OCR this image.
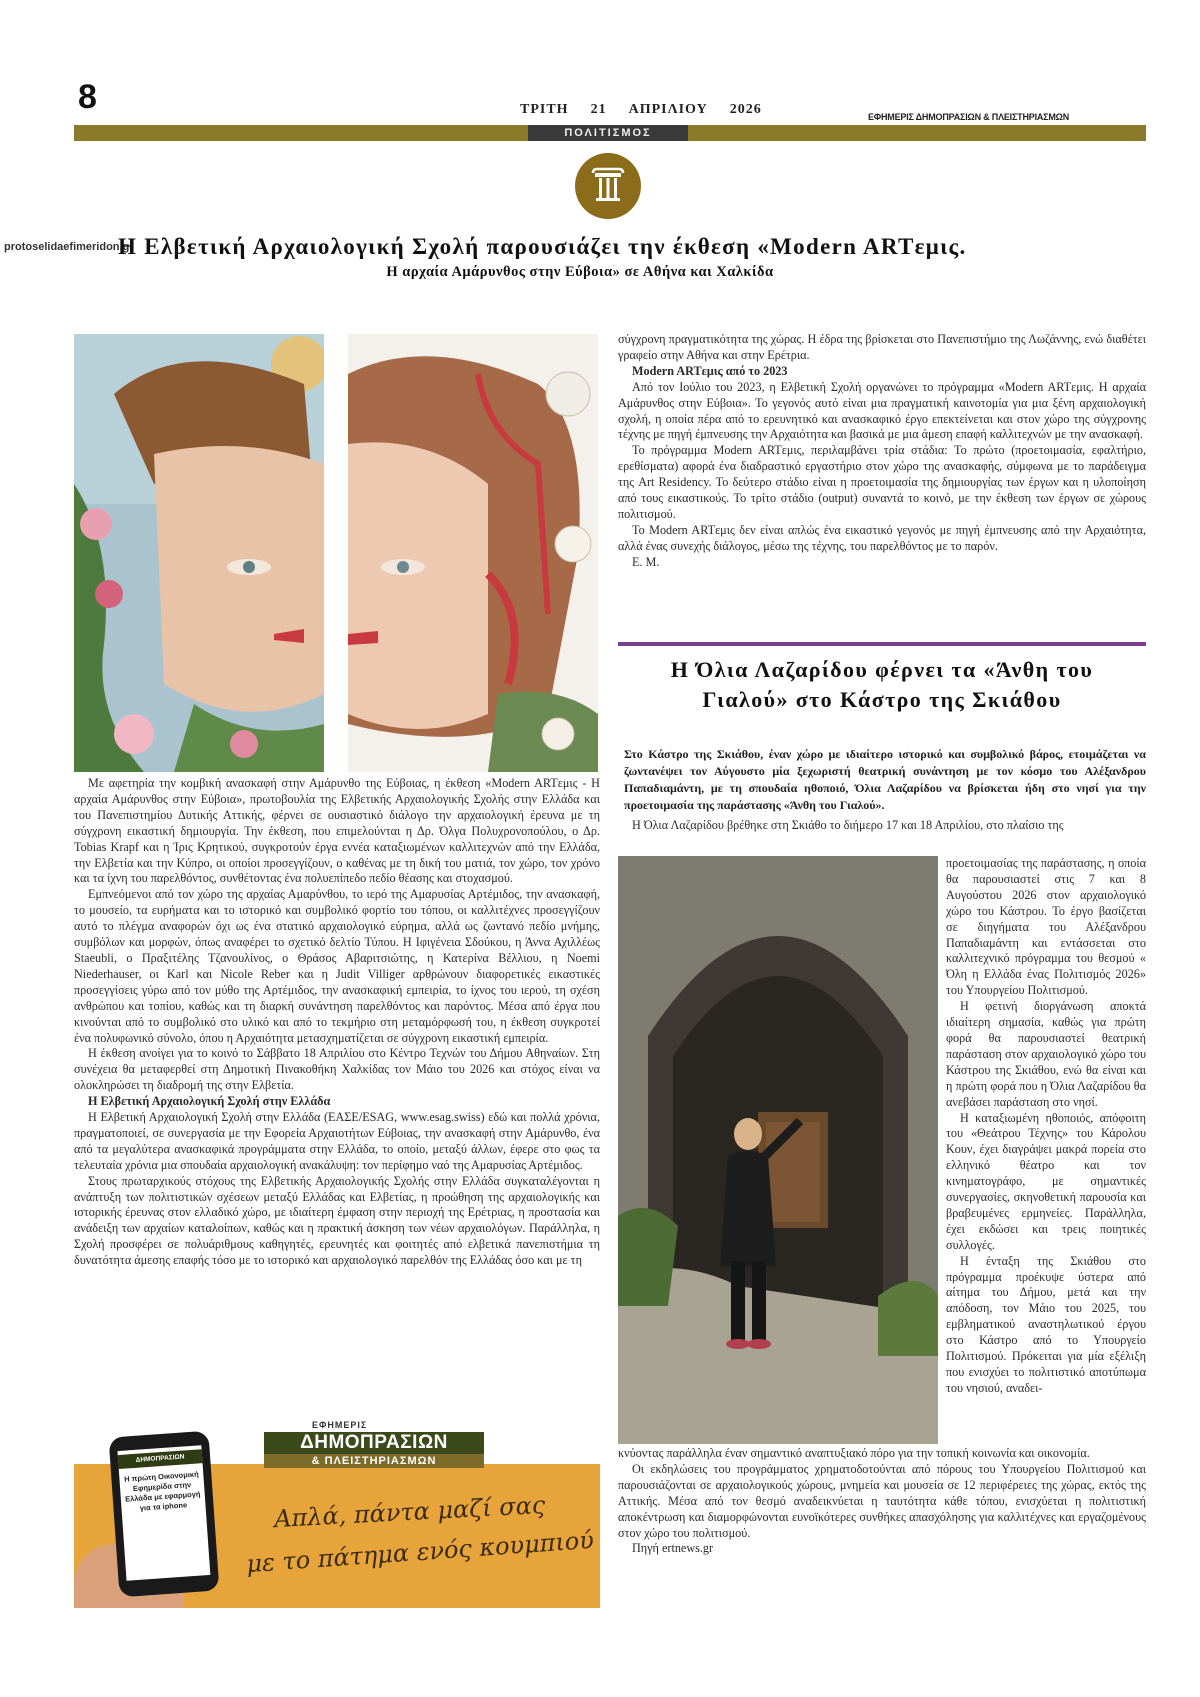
8	ΤΡΙΤΗ 21 ΑΠΡΙΛΙΟΥ 2026	ΕΦΗΜΕΡΙΣ ΔΗΜΟΠΡΑΣΙΩΝ & ΠΛΕΙΣΤΗΡΙΑΣΜΩΝ
ΠΟΛΙΤΙΣΜΟΣ
protoselidaefimeridon.gr
Η Ελβετική Αρχαιολογική Σχολή παρουσιάζει την έκθεση «Modern ARTεμις.
Η αρχαία Αμάρυνθος στην Εύβοια» σε Αθήνα και Χαλκίδα

Με αφετηρία την κομβική ανασκαφή στην Αμάρυνθο της Εύβοιας, η έκθεση «Modern ARTεμις - Η αρχαία Αμάρυνθος στην Εύβοια», πρωτοβουλία της Ελβετικής Αρχαιολογικής Σχολής στην Ελλάδα και του Πανεπιστημίου Δυτικής Αττικής, φέρνει σε ουσιαστικό διάλογο την αρχαιολογική έρευνα με τη σύγχρονη εικαστική δημιουργία. Την έκθεση, που επιμελούνται η Δρ. Όλγα Πολυχρονοπούλου, ο Δρ. Tobias Krapf και η Ίρις Κρητικού, συγκροτούν έργα εννέα καταξιωμένων καλλιτεχνών από την Ελλάδα, την Ελβετία και την Κύπρο, οι οποίοι προσεγγίζουν, ο καθένας με τη δική του ματιά, τον χώρο, τον χρόνο και τα ίχνη του παρελθόντος, συνθέτοντας ένα πολυεπίπεδο πεδίο θέασης και στοχασμού.

Εμπνεόμενοι από τον χώρο της αρχαίας Αμαρύνθου, το ιερό της Αμαρυσίας Αρτέμιδος, την ανασκαφή, το μουσείο, τα ευρήματα και το ιστορικό και συμβολικό φορτίο του τόπου, οι καλλιτέχνες προσεγγίζουν αυτό το πλέγμα αναφορών όχι ως ένα στατικό αρχαιολογικό εύρημα, αλλά ως ζωντανό πεδίο μνήμης, συμβόλων και μορφών, όπως αναφέρει το σχετικό δελτίο Τύπου. Η Ιφιγένεια Σδούκου, η Άννα Αχιλλέως Staeubli, ο Πραξιτέλης Τζανουλίνος, ο Θράσος Αβαριτσιώτης, η Κατερίνα Βέλλιου, η Noemi Niederhauser, οι Karl και Nicole Reber και η Judit Villiger αρθρώνουν διαφορετικές εικαστικές προσεγγίσεις γύρω από τον μύθο της Αρτέμιδος, την ανασκαφική εμπειρία, το ίχνος του ιερού, τη σχέση ανθρώπου και τοπίου, καθώς και τη διαρκή συνάντηση παρελθόντος και παρόντος. Μέσα από έργα που κινούνται από το συμβολικό στο υλικό και από το τεκμήριο στη μεταμόρφωσή του, η έκθεση συγκροτεί ένα πολυφωνικό σύνολο, όπου η Αρχαιότητα μετασχηματίζεται σε σύγχρονη εικαστική εμπειρία.

Η έκθεση ανοίγει για το κοινό το Σάββατο 18 Απριλίου στο Κέντρο Τεχνών του Δήμου Αθηναίων. Στη συνέχεια θα μεταφερθεί στη Δημοτική Πινακοθήκη Χαλκίδας τον Μάιο του 2026 και στόχος είναι να ολοκληρώσει τη διαδρομή της στην Ελβετία.

Η Ελβετική Αρχαιολογική Σχολή στην Ελλάδα

Η Ελβετική Αρχαιολογική Σχολή στην Ελλάδα (ΕΑΣΕ/ESAG, www.esag.swiss) εδώ και πολλά χρόνια, πραγματοποιεί, σε συνεργασία με την Εφορεία Αρχαιοτήτων Εύβοιας, την ανασκαφή στην Αμάρυνθο, ένα από τα μεγαλύτερα ανασκαφικά προγράμματα στην Ελλάδα, το οποίο, μεταξύ άλλων, έφερε στο φως τα τελευταία χρόνια μια σπουδαία αρχαιολογική ανακάλυψη: τον περίφημο ναό της Αμαρυσίας Αρτέμιδος.

Στους πρωταρχικούς στόχους της Ελβετικής Αρχαιολογικής Σχολής στην Ελλάδα συγκαταλέγονται η ανάπτυξη των πολιτιστικών σχέσεων μεταξύ Ελλάδας και Ελβετίας, η προώθηση της αρχαιολογικής και ιστορικής έρευνας στον ελλαδικό χώρο, με ιδιαίτερη έμφαση στην περιοχή της Ερέτριας, η προστασία και ανάδειξη των αρχαίων καταλοίπων, καθώς και η πρακτική άσκηση των νέων αρχαιολόγων. Παράλληλα, η Σχολή προσφέρει σε πολυάριθμους καθηγητές, ερευνητές και φοιτητές από ελβετικά πανεπιστήμια τη δυνατότητα άμεσης επαφής τόσο με το ιστορικό και αρχαιολογικό παρελθόν της Ελλάδας όσο και με τη

σύγχρονη πραγματικότητα της χώρας. Η έδρα της βρίσκεται στο Πανεπιστήμιο της Λωζάννης, ενώ διαθέτει γραφείο στην Αθήνα και στην Ερέτρια.

Modern ARTεμις από το 2023

Από τον Ιούλιο του 2023, η Ελβετική Σχολή οργανώνει το πρόγραμμα «Modern ARTεμις. Η αρχαία Αμάρυνθος στην Εύβοια». Το γεγονός αυτό είναι μια πραγματική καινοτομία για μια ξένη αρχαιολογική σχολή, η οποία πέρα από το ερευνητικό και ανασκαφικό έργο επεκτείνεται και στον χώρο της σύγχρονης τέχνης με πηγή έμπνευσης την Αρχαιότητα και βασικά με μια άμεση επαφή καλλιτεχνών με την ανασκαφή.

Το πρόγραμμα Modern ARTεμις, περιλαμβάνει τρία στάδια: Το πρώτο (προετοιμασία, εφαλτήριο, ερεθίσματα) αφορά ένα διαδραστικό εργαστήριο στον χώρο της ανασκαφής, σύμφωνα με το παράδειγμα της Art Residency. Το δεύτερο στάδιο είναι η προετοιμασία της δημιουργίας των έργων και η υλοποίηση από τους εικαστικούς. Το τρίτο στάδιο (output) συναντά το κοινό, με την έκθεση των έργων σε χώρους πολιτισμού.

Το Modern ARTεμις δεν είναι απλώς ένα εικαστικό γεγονός με πηγή έμπνευσης από την Αρχαιότητα, αλλά ένας συνεχής διάλογος, μέσω της τέχνης, του παρελθόντος με το παρόν.

Ε. Μ.

Η Όλια Λαζαρίδου φέρνει τα «Άνθη του
Γιαλού» στο Κάστρο της Σκιάθου
Στο Κάστρο της Σκιάθου, έναν χώρο με ιδιαίτερο ιστορικό και συμβολικό βάρος, ετοιμάζεται να ζωντανέψει τον Αύγουστο μία ξεχωριστή θεατρική συνάντηση με τον κόσμο του Αλέξανδρου Παπαδιαμάντη, με τη σπουδαία ηθοποιό, Όλια Λαζαρίδου να βρίσκεται ήδη στο νησί για την προετοιμασία της παράστασης «Άνθη του Γιαλού».

Η Όλια Λαζαρίδου βρέθηκε στη Σκιάθο το διήμερο 17 και 18 Απριλίου, στο πλαίσιο της

προετοιμασίας της παράστασης, η οποία θα παρουσιαστεί στις 7 και 8 Αυγούστου 2026 στον αρχαιολογικό χώρο του Κάστρου. Το έργο βασίζεται σε διηγήματα του Αλέξανδρου Παπαδιαμάντη και εντάσσεται στο καλλιτεχνικό πρόγραμμα του θεσμού « Όλη η Ελλάδα ένας Πολιτισμός 2026» του Υπουργείου Πολιτισμού.

Η φετινή διοργάνωση αποκτά ιδιαίτερη σημασία, καθώς για πρώτη φορά θα παρουσιαστεί θεατρική παράσταση στον αρχαιολογικό χώρο του Κάστρου της Σκιάθου, ενώ θα είναι και η πρώτη φορά που η Όλια Λαζαρίδου θα ανεβάσει παράσταση στο νησί.

Η καταξιωμένη ηθοποιός, απόφοιτη του «Θεάτρου Τέχνης» του Κάρολου Κουν, έχει διαγράψει μακρά πορεία στο ελληνικό θέατρο και τον κινηματογράφο, με σημαντικές συνεργασίες, σκηνοθετική παρουσία και βραβευμένες ερμηνείες. Παράλληλα, έχει εκδώσει και τρεις ποιητικές συλλογές.

Η ένταξη της Σκιάθου στο πρόγραμμα προέκυψε ύστερα από αίτημα του Δήμου, μετά και την απόδοση, τον Μάιο του 2025, του εμβληματικού αναστηλωτικού έργου στο Κάστρο από το Υπουργείο Πολιτισμού. Πρόκειται για μία εξέλιξη που ενισχύει το πολιτιστικό αποτύπωμα του νησιού, αναδει-

κνύοντας παράλληλα έναν σημαντικό αναπτυξιακό πόρο για την τοπική κοινωνία και οικονομία.

Οι εκδηλώσεις του προγράμματος χρηματοδοτούνται από πόρους του Υπουργείου Πολιτισμού και παρουσιάζονται σε αρχαιολογικούς χώρους, μνημεία και μουσεία σε 12 περιφέρειες της χώρας, εκτός της Αττικής. Μέσα από τον θεσμό αναδεικνύεται η ταυτότητα κάθε τόπου, ενισχύεται η πολιτιστική αποκέντρωση και διαμορφώνονται ευνοϊκότερες συνθήκες απασχόλησης για καλλιτέχνες και εργαζομένους στον χώρο του πολιτισμού.

Πηγή ertnews.gr

ΕΦΗΜΕΡΙΣ
ΔΗΜΟΠΡΑΣΙΩΝ
& ΠΛΕΙΣΤΗΡΙΑΣΜΩΝ
Απλά, πάντα μαζί σας
με το πάτημα ενός κουμπιού
ΔΗΜΟΠΡΑΣΙΩΝ
Η πρώτη Οικονομική Εφημερίδα στην Ελλάδα με εφαρμογή για τα iphone
